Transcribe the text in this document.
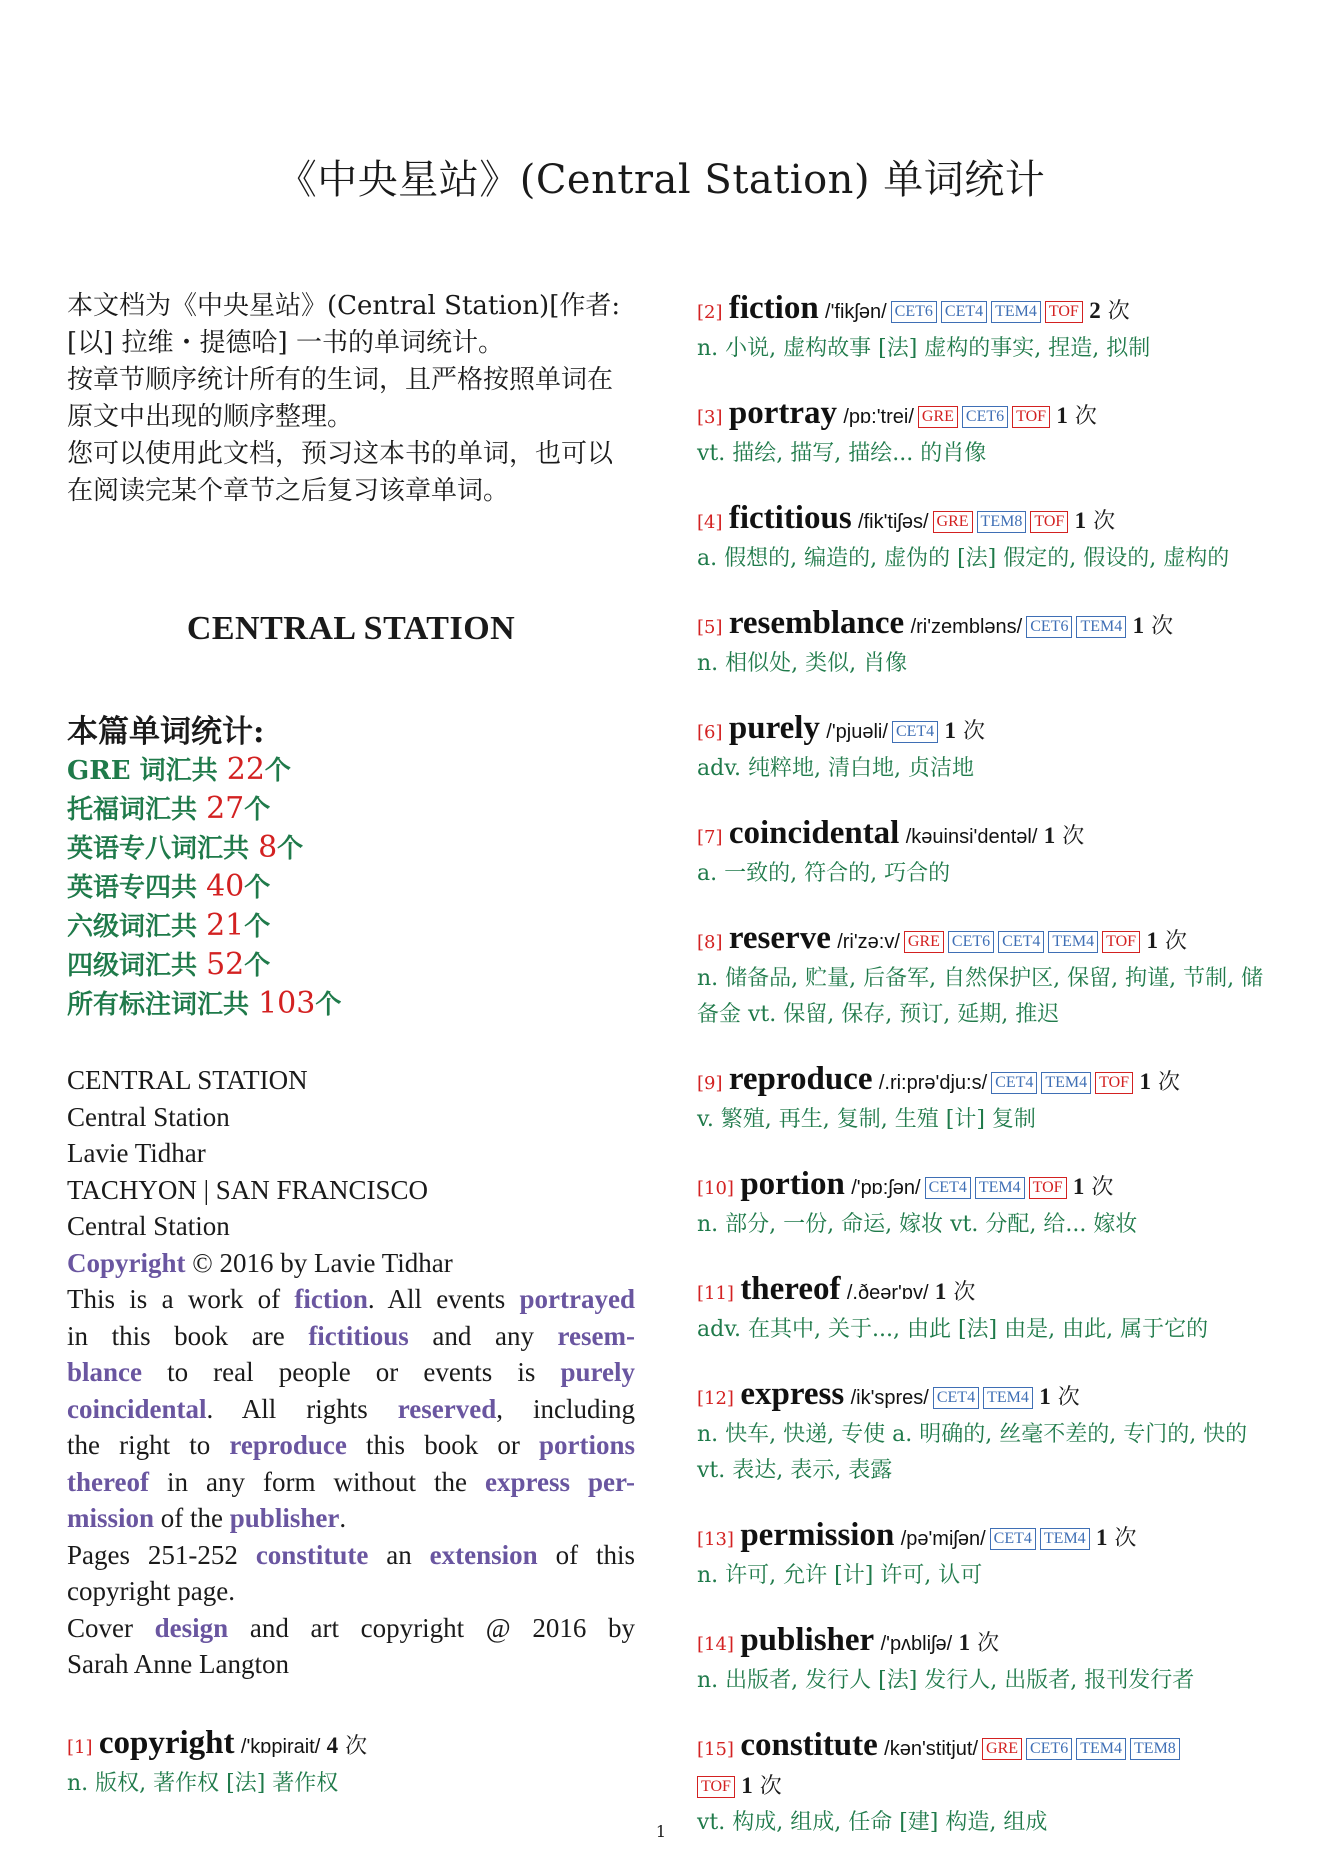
《中央星站》(Central Station) 单词统计

本文档为《中央星站》(Central Station)[作者: [以] 拉维・提德哈] 一书的单词统计。

按章节顺序统计所有的生词，且严格按照单词在原文中出现的顺序整理。

您可以使用此文档，预习这本书的单词，也可以在阅读完某个章节之后复习该章单词。

CENTRAL STATION
本篇单词统计:
GRE 词汇共 22个
托福词汇共 27个
英语专八词汇共 8个
英语专四共 40个
六级词汇共 21个
四级词汇共 52个
所有标注词汇共 103个
CENTRAL STATION
Central Station
Lavie Tidhar
TACHYON | SAN FRANCISCO
Central Station
Copyright © 2016 by Lavie Tidhar
This is a work of fiction. All events portrayed
in this book are fictitious and any resem-
blance to real people or events is purely
coincidental. All rights reserved, including
the right to reproduce this book or portions
thereof in any form without the express per-
mission of the publisher.
Pages 251-252 constitute an extension of this
copyright page.
Cover design and art copyright @ 2016 by
Sarah Anne Langton
[1] copyright /'kɒpirait/ 4 次
n. 版权, 著作权 [法] 著作权
[2] fiction /'fikʃən/ CET6 CET4 TEM4 TOF 2 次
n. 小说, 虚构故事 [法] 虚构的事实, 捏造, 拟制
[3] portray /pɒ:'trei/ GRE CET6 TOF 1 次
vt. 描绘, 描写, 描绘... 的肖像
[4] fictitious /fik'tiʃəs/ GRE TEM8 TOF 1 次
a. 假想的, 编造的, 虚伪的 [法] 假定的, 假设的, 虚构的
[5] resemblance /ri'zembləns/ CET6 TEM4 1 次
n. 相似处, 类似, 肖像
[6] purely /'pjuəli/ CET4 1 次
adv. 纯粹地, 清白地, 贞洁地
[7] coincidental /kəuinsi'dentəl/ 1 次
a. 一致的, 符合的, 巧合的
[8] reserve /ri'zə:v/ GRE CET6 CET4 TEM4 TOF 1 次
n. 储备品, 贮量, 后备军, 自然保护区, 保留, 拘谨, 节制, 储备金 vt. 保留, 保存, 预订, 延期, 推迟
[9] reproduce /.ri:prə'dju:s/ CET4 TEM4 TOF 1 次
v. 繁殖, 再生, 复制, 生殖 [计] 复制
[10] portion /'pɒ:ʃən/ CET4 TEM4 TOF 1 次
n. 部分, 一份, 命运, 嫁妆 vt. 分配, 给... 嫁妆
[11] thereof /.ðeər'ɒv/ 1 次
adv. 在其中, 关于..., 由此 [法] 由是, 由此, 属于它的
[12] express /ik'spres/ CET4 TEM4 1 次
n. 快车, 快递, 专使 a. 明确的, 丝毫不差的, 专门的, 快的 vt. 表达, 表示, 表露
[13] permission /pə'miʃən/ CET4 TEM4 1 次
n. 许可, 允许 [计] 许可, 认可
[14] publisher /'pʌbliʃə/ 1 次
n. 出版者, 发行人 [法] 发行人, 出版者, 报刊发行者
[15] constitute /kən'stitjut/ GRE CET6 TEM4 TEM8
TOF 1 次
vt. 构成, 组成, 任命 [建] 构造, 组成
1
